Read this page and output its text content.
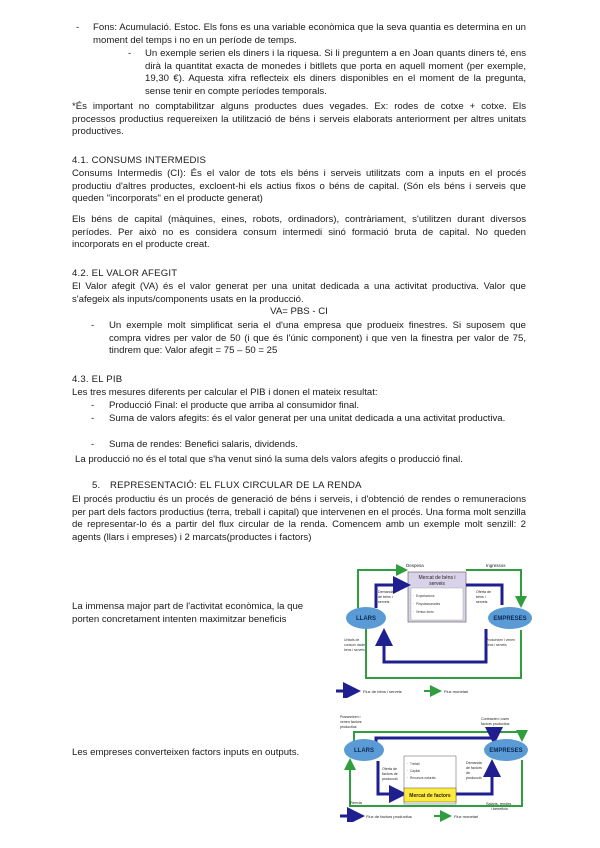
-	Fons: Acumulació. Estoc. Els fons es una variable econòmica que la seva quantia es determina en un moment del temps i no en un període de temps.
-	Un exemple serien els diners i la riquesa. Si li preguntem a en Joan quants diners té, ens dirà la quantitat exacta de monedes i bitllets que porta en aquell moment (per exemple, 19,30 €). Aquesta xifra reflecteix els diners disponibles en el moment de la pregunta, sense tenir en compte períodes temporals.
*És important no comptabilitzar alguns productes dues vegades. Ex: rodes de cotxe + cotxe. Els processos productius requereixen la utilització de béns i serveis elaborats anteriorment per altres unitats productives.
4.1. CONSUMS INTERMEDIS
Consums Intermedis (CI): És el valor de tots els béns i serveis utilitzats com a inputs en el procés productiu d'altres productes, excloent-hi els actius fixos o béns de capital. (Són els béns i serveis que queden "incorporats" en el producte generat)
Els béns de capital (màquines, eines, robots, ordinadors), contràriament, s'utilitzen durant diversos períodes. Per això no es considera consum intermedi sinó formació bruta de capital. No queden incorporats en el producte creat.
4.2. EL VALOR AFEGIT
El Valor afegit (VA) és el valor generat per una unitat dedicada a una activitat productiva. Valor que s'afegeix als inputs/components usats en la producció.
VA= PBS - CI
-	Un exemple molt simplificat seria el d'una empresa que produeix finestres. Si suposem que compra vidres per valor de 50 (i que és l'únic component) i que ven la finestra per valor de 75, tindrem que: Valor afegit = 75 – 50 = 25
4.3. EL PIB
Les tres mesures diferents per calcular el PIB i donen el mateix resultat:
-	Producció Final: el producte que arriba al consumidor final.
-	Suma de valors afegits: és el valor generat per una unitat dedicada a una activitat productiva.
-	Suma de rendes: Benefici salaris, dividends.
La producció no és el total que s'ha venut sinó la suma dels valors afegits o producció final.
5. REPRESENTACIÓ: EL FLUX CIRCULAR DE LA RENDA
El procés productiu és un procés de generació de béns i serveis, i d'obtenció de rendes o remuneracions per part dels factors productius (terra, treball i capital) que intervenen en el procés. Una forma molt senzilla de representar-lo és a partir del flux circular de la renda. Comencem amb un exemple molt senzill: 2 agents (llars i empreses) i 2 marcats(productes i factors)
La immensa major part de l'activitat econòmica, la que porten concretament intenten maximitzar beneficis
Les empreses converteixen factors inputs en outputs.
Despesa	Ingressos
Mercat de béns i
serveis
· Exportacions
· Pinyolassonades
· Ventos fores
Demanda
de béns i
serveis
Oferta de
béns i
serveis
LLARS	EMPRESES
Unitats de
consum dades
béns i serveis
Produeixen i venen
béns i serveis
Flux de béns i serveis	Flux monetari
Posseeixen i
venen factors
productius
Contracten i usen
factors productius
LLARS	EMPRESES
Oferta de
factors de
producció
Demanda
de factors
de
producció
· Treball
· Capital
· Recursos naturals
Mercat de factors
Renda	Salaris, rendes
i beneficis
Flux de factors productius	Flux monetari
